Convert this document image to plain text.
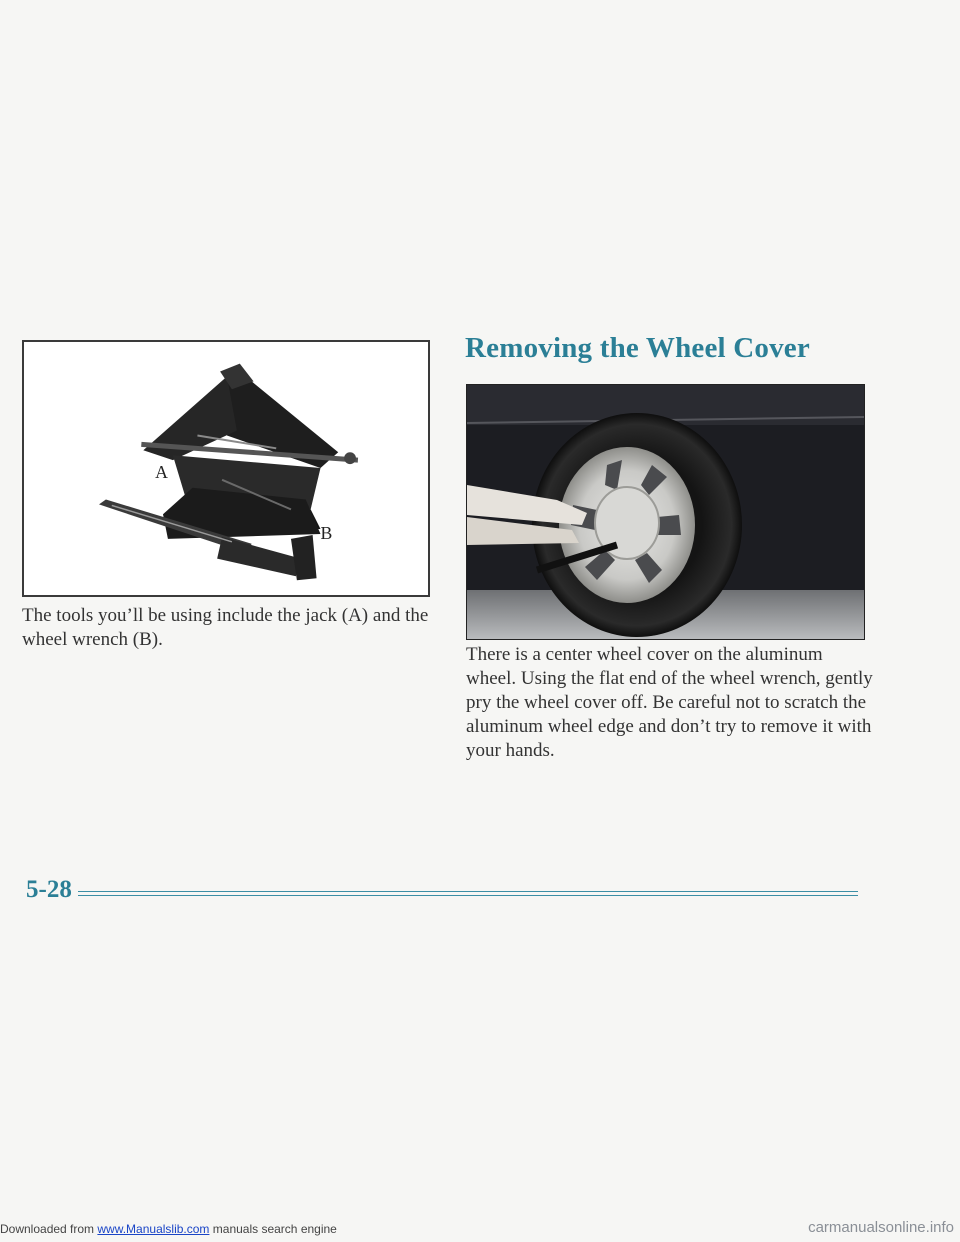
A
B
The tools you’ll be using include the jack (A) and the wheel wrench (B).
Removing the Wheel Cover
There is a center wheel cover on the aluminum wheel. Using the flat end of the wheel wrench, gently pry the wheel cover off. Be careful not to scratch the aluminum wheel edge and don’t try to remove it with your hands.
5-28
Downloaded from www.Manualslib.com manuals search engine	carmanualsonline.info
